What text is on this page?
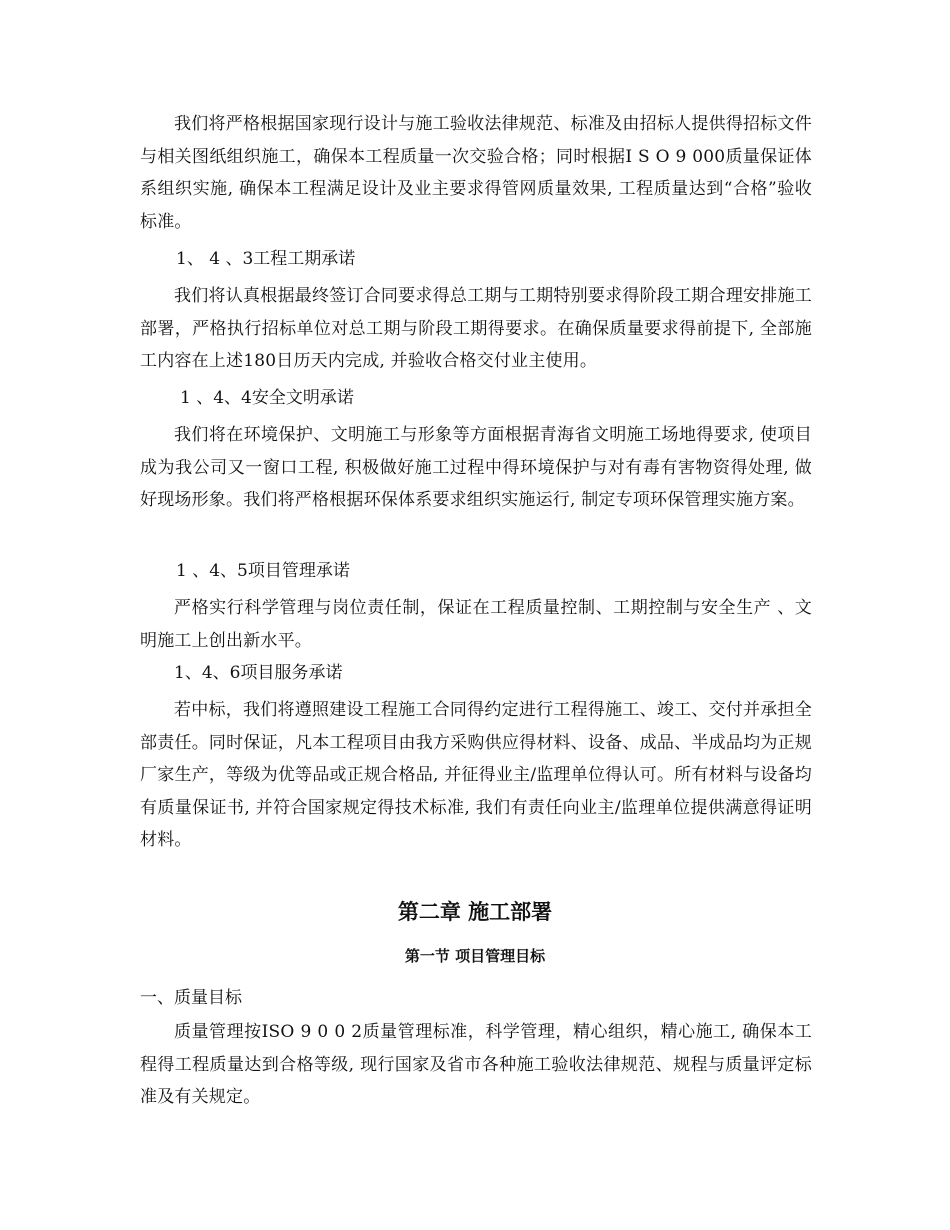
我们将严格根据国家现行设计与施工验收法律规范、标准及由招标人提供得招标文件与相关图纸组织施工，确保本工程质量一次交验合格；同时根据I S O 9 000质量保证体系组织实施, 确保本工程满足设计及业主要求得管网质量效果, 工程质量达到“合格”验收标准。

1、 4 、3工程工期承诺

我们将认真根据最终签订合同要求得总工期与工期特别要求得阶段工期合理安排施工部署，严格执行招标单位对总工期与阶段工期得要求。在确保质量要求得前提下, 全部施工内容在上述180日历天内完成, 并验收合格交付业主使用。

1 、4、4安全文明承诺

我们将在环境保护、文明施工与形象等方面根据青海省文明施工场地得要求, 使项目成为我公司又一窗口工程, 积极做好施工过程中得环境保护与对有毒有害物资得处理, 做好现场形象。我们将严格根据环保体系要求组织实施运行, 制定专项环保管理实施方案。

1 、4、5项目管理承诺

严格实行科学管理与岗位责任制，保证在工程质量控制、工期控制与安全生产 、文明施工上创出新水平。

1、4、6项目服务承诺

若中标，我们将遵照建设工程施工合同得约定进行工程得施工、竣工、交付并承担全部责任。同时保证，凡本工程项目由我方采购供应得材料、设备、成品、半成品均为正规厂家生产，等级为优等品或正规合格品, 并征得业主/监理单位得认可。所有材料与设备均有质量保证书, 并符合国家规定得技术标准, 我们有责任向业主/监理单位提供满意得证明材料。

第二章 施工部署
第一节 项目管理目标

一、质量目标

质量管理按ISO 9 0 0 2质量管理标准，科学管理，精心组织，精心施工, 确保本工程得工程质量达到合格等级, 现行国家及省市各种施工验收法律规范、规程与质量评定标准及有关规定。
